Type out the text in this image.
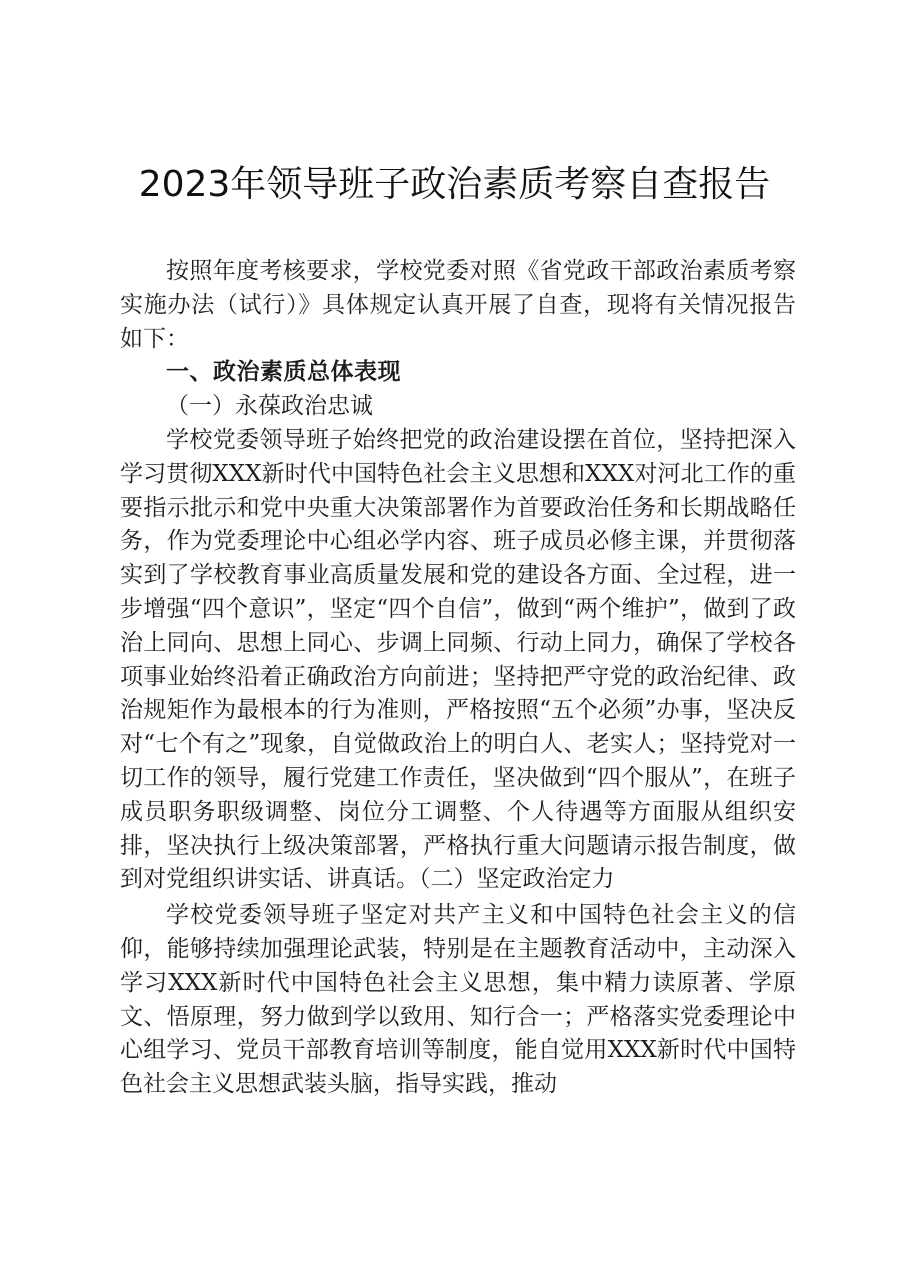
2023年领导班子政治素质考察自查报告

按照年度考核要求，学校党委对照《省党政干部政治素质考察实施办法（试行）》具体规定认真开展了自查，现将有关情况报告如下：

一、政治素质总体表现

（一）永葆政治忠诚

学校党委领导班子始终把党的政治建设摆在首位，坚持把深入学习贯彻XXX新时代中国特色社会主义思想和XXX对河北工作的重要指示批示和党中央重大决策部署作为首要政治任务和长期战略任务，作为党委理论中心组必学内容、班子成员必修主课，并贯彻落实到了学校教育事业高质量发展和党的建设各方面、全过程，进一步增强“四个意识”，坚定“四个自信”，做到“两个维护”，做到了政治上同向、思想上同心、步调上同频、行动上同力，确保了学校各项事业始终沿着正确政治方向前进；坚持把严守党的政治纪律、政治规矩作为最根本的行为准则，严格按照“五个必须”办事，坚决反对“七个有之”现象，自觉做政治上的明白人、老实人；坚持党对一切工作的领导，履行党建工作责任，坚决做到“四个服从”，在班子成员职务职级调整、岗位分工调整、个人待遇等方面服从组织安排，坚决执行上级决策部署，严格执行重大问题请示报告制度，做到对党组织讲实话、讲真话。（二）坚定政治定力

学校党委领导班子坚定对共产主义和中国特色社会主义的信仰，能够持续加强理论武装，特别是在主题教育活动中，主动深入学习XXX新时代中国特色社会主义思想，集中精力读原著、学原文、悟原理，努力做到学以致用、知行合一；严格落实党委理论中心组学习、党员干部教育培训等制度，能自觉用XXX新时代中国特色社会主义思想武装头脑，指导实践，推动
